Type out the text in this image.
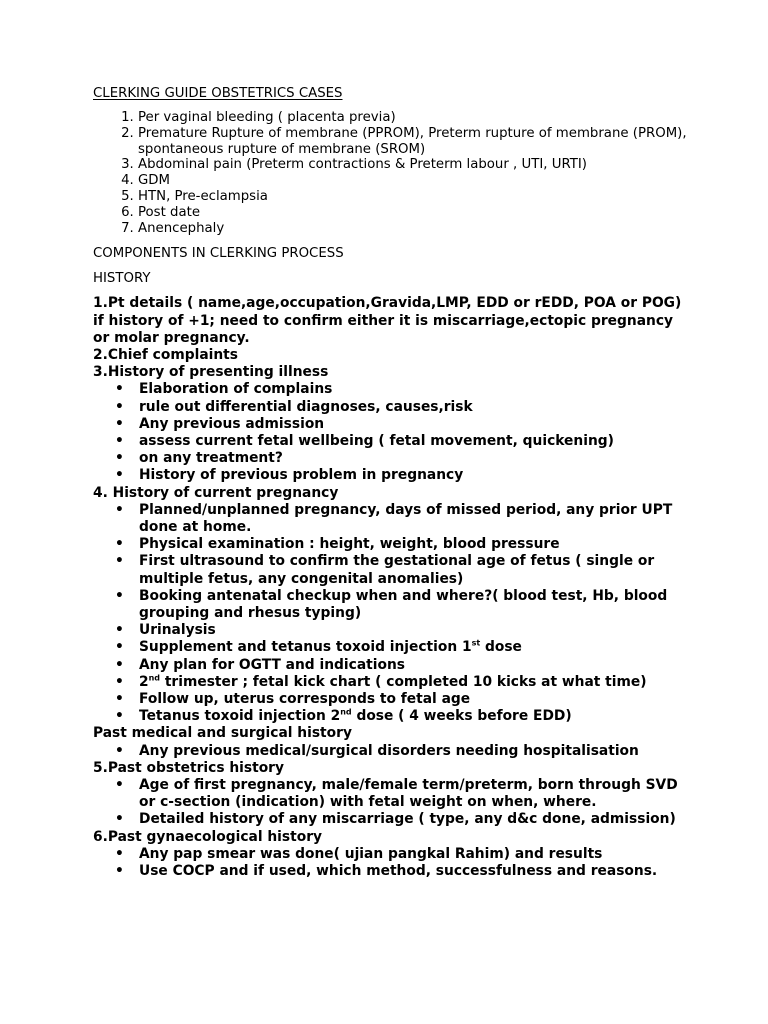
CLERKING GUIDE OBSTETRICS CASES

1. Per vaginal bleeding ( placenta previa)
2. Premature Rupture of membrane (PPROM), Preterm rupture of membrane (PROM), spontaneous rupture of membrane (SROM)
3. Abdominal pain (Preterm contractions & Preterm labour , UTI, URTI)
4. GDM
5. HTN, Pre-eclampsia
6. Post date
7. Anencephaly

COMPONENTS IN CLERKING PROCESS

HISTORY

1.Pt details ( name,age,occupation,Gravida,LMP, EDD or rEDD, POA or POG)
if history of +1; need to confirm either it is miscarriage,ectopic pregnancy or molar pregnancy.
2.Chief complaints
3.History of presenting illness
• Elaboration of complains
• rule out differential diagnoses, causes,risk
• Any previous admission
• assess current fetal wellbeing ( fetal movement, quickening)
• on any treatment?
• History of previous problem in pregnancy
4. History of current pregnancy
• Planned/unplanned pregnancy, days of missed period, any prior UPT done at home.
• Physical examination : height, weight, blood pressure
• First ultrasound to confirm the gestational age of fetus ( single or multiple fetus, any congenital anomalies)
• Booking antenatal checkup when and where?( blood test, Hb, blood grouping and rhesus typing)
• Urinalysis
• Supplement and tetanus toxoid injection 1st dose
• Any plan for OGTT and indications
• 2nd trimester ; fetal kick chart ( completed 10 kicks at what time)
• Follow up, uterus corresponds to fetal age
• Tetanus toxoid injection 2nd dose ( 4 weeks before EDD)
Past medical and surgical history
• Any previous medical/surgical disorders needing hospitalisation
5.Past obstetrics history
• Age of first pregnancy, male/female term/preterm, born through SVD or c-section (indication) with fetal weight on when, where.
• Detailed history of any miscarriage ( type, any d&c done, admission)
6.Past gynaecological history
• Any pap smear was done( ujian pangkal Rahim) and results
• Use COCP and if used, which method, successfulness and reasons.
